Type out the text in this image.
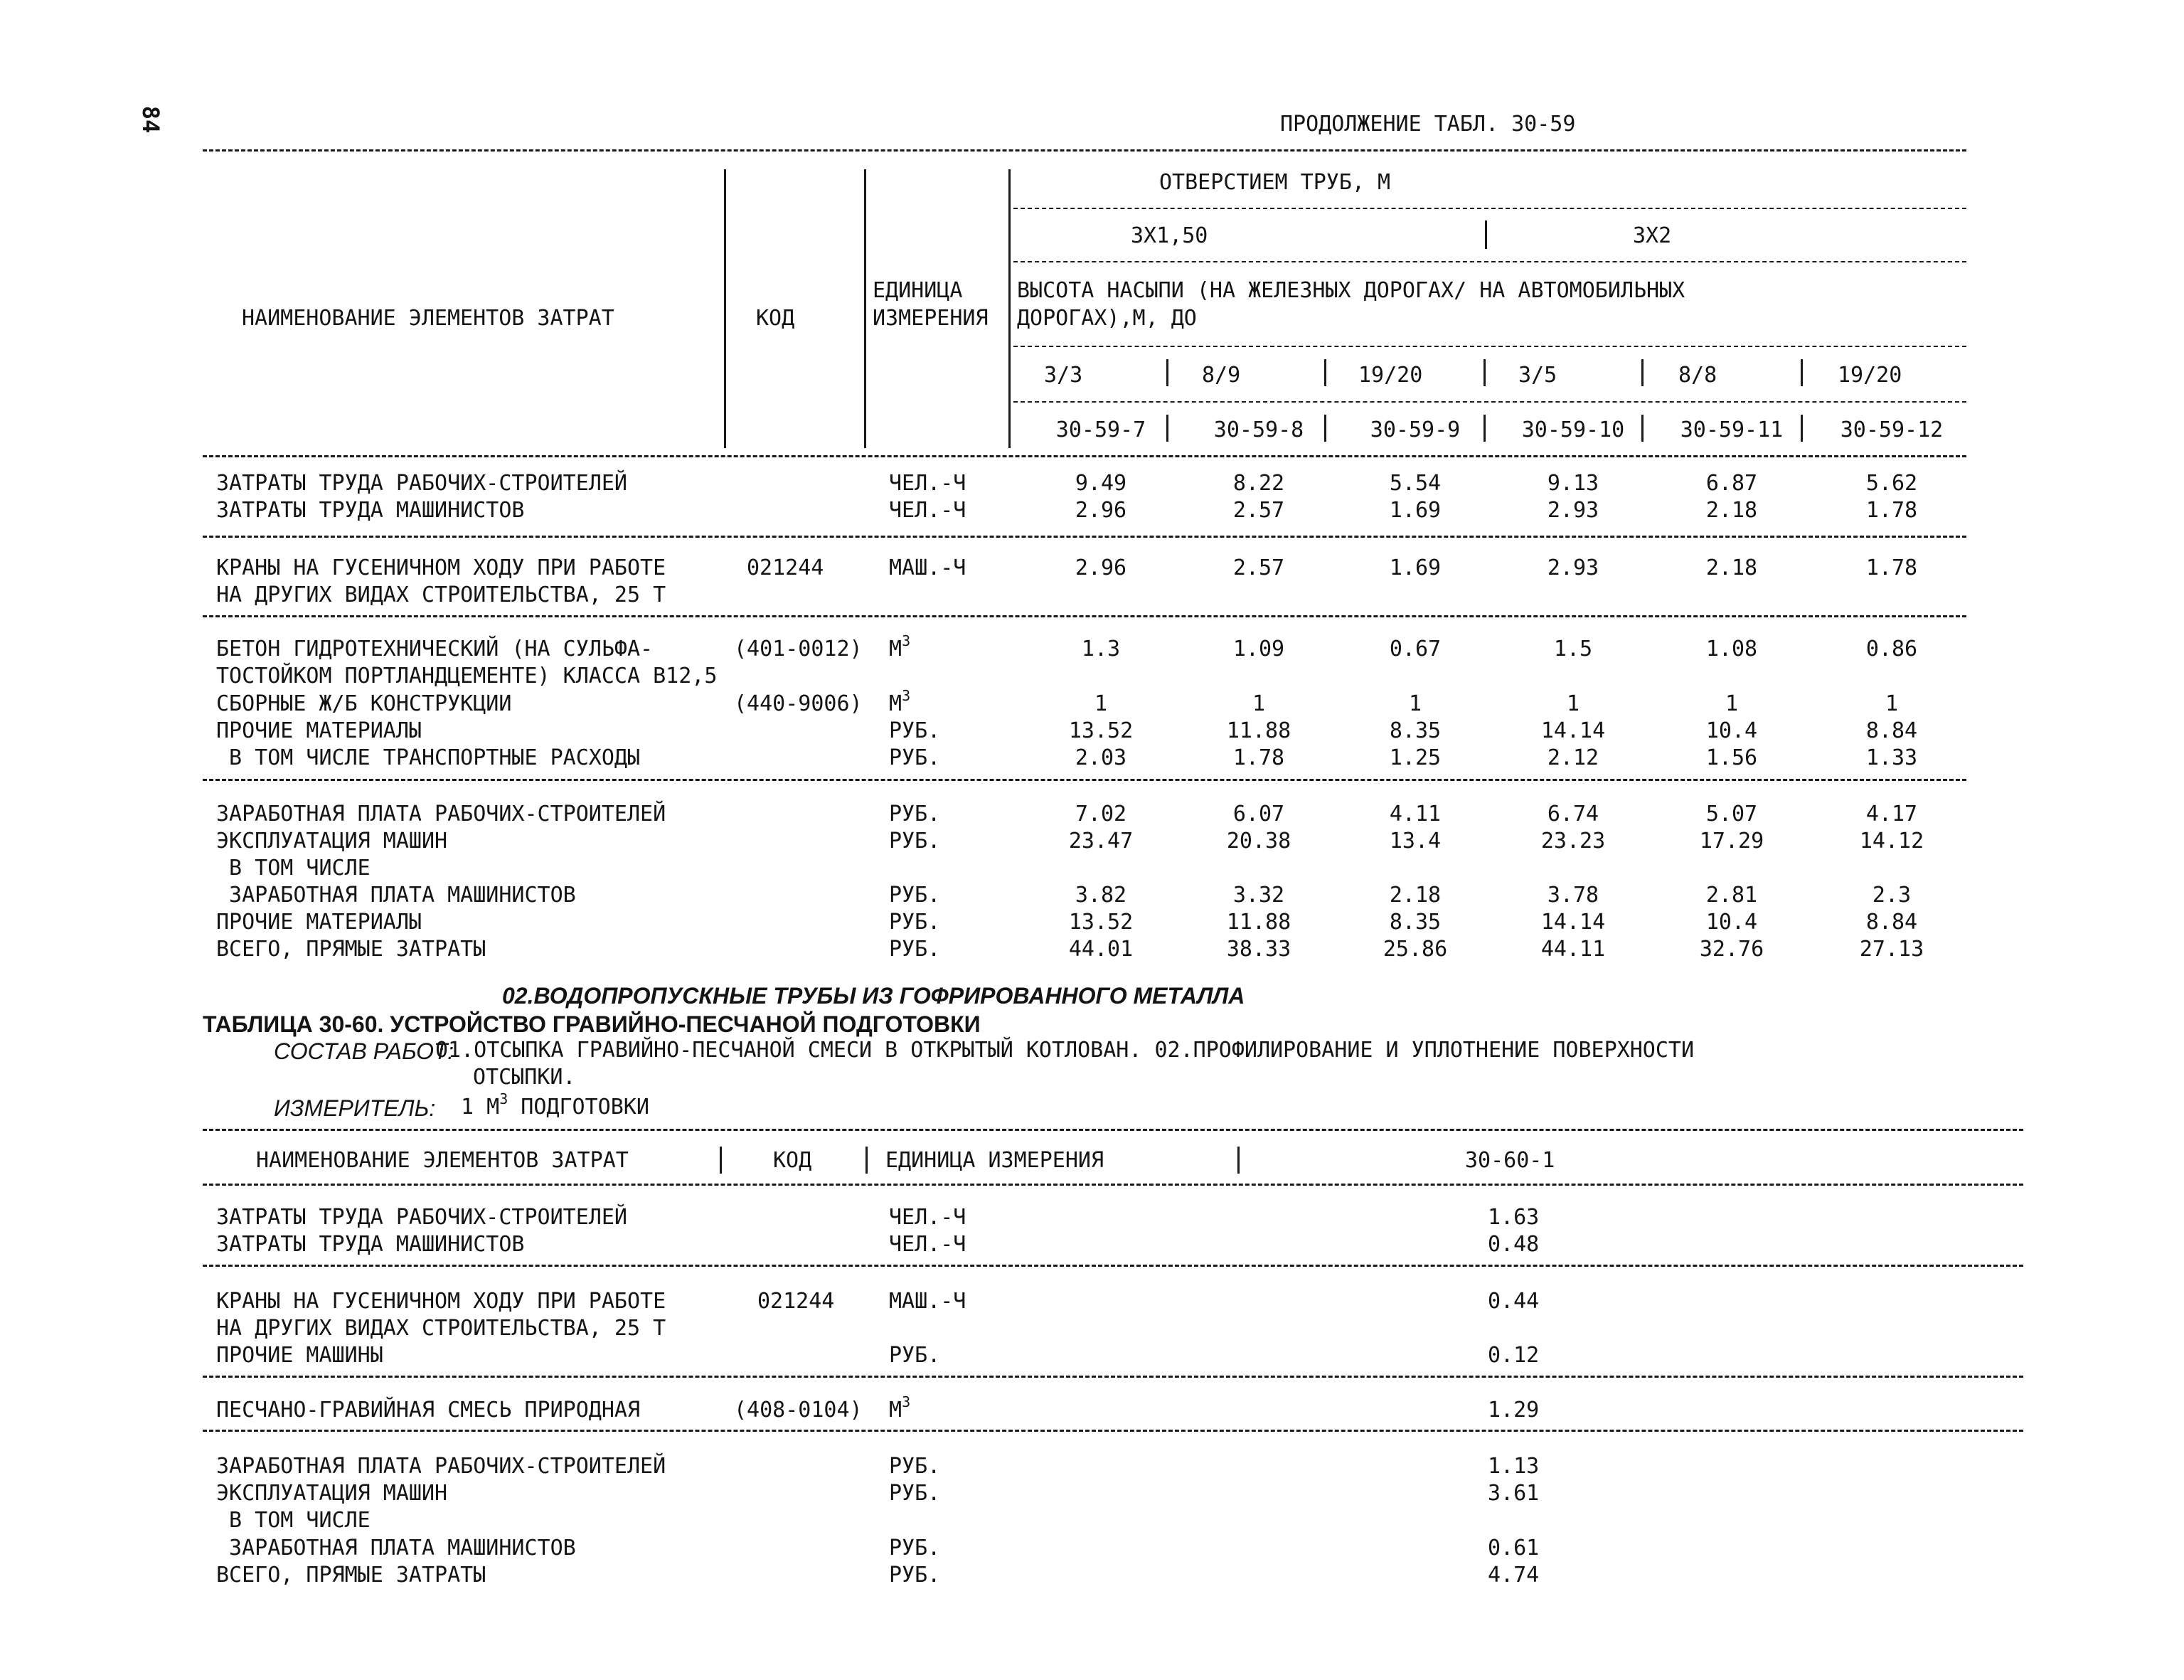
84	ПРОДОЛЖЕНИЕ ТАБЛ. 30-59
НАИМЕНОВАНИЕ ЭЛЕМЕНТОВ ЗАТРАТ	КОД
ЕДИНИЦА
ИЗМЕРЕНИЯ
ОТВЕРСТИЕМ ТРУБ, М
3Х1,50	3Х2
ВЫСОТА НАСЫПИ (НА ЖЕЛЕЗНЫХ ДОРОГАХ/ НА АВТОМОБИЛЬНЫХ
ДОРОГАХ),М, ДО
3/3	8/9	19/20	3/5	8/8	19/20
30-59-7	30-59-8	30-59-9	30-59-10	30-59-11	30-59-12
ЗАТРАТЫ ТРУДА РАБОЧИХ-СТРОИТЕЛЕЙ	ЧЕЛ.-Ч	9.49	8.22	5.54	9.13	6.87	5.62
ЗАТРАТЫ ТРУДА МАШИНИСТОВ	ЧЕЛ.-Ч	2.96	2.57	1.69	2.93	2.18	1.78
КРАНЫ НА ГУСЕНИЧНОМ ХОДУ ПРИ РАБОТЕ	021244	МАШ.-Ч	2.96	2.57	1.69	2.93	2.18	1.78
НА ДРУГИХ ВИДАХ СТРОИТЕЛЬСТВА, 25 Т
БЕТОН ГИДРОТЕХНИЧЕСКИЙ (НА СУЛЬФА-	(401-0012) $М^3$	1.3	1.09	0.67	1.5	1.08	0.86
ТОСТОЙКОМ ПОРТЛАНДЦЕМЕНТЕ) КЛАССА В12,5
СБОРНЫЕ Ж/Б КОНСТРУКЦИИ	(440-9006) $М^3$	1	1	1	1	1	1
ПРОЧИЕ МАТЕРИАЛЫ	РУБ.	13.52	11.88	8.35	14.14	10.4	8.84
В ТОМ ЧИСЛЕ ТРАНСПОРТНЫЕ РАСХОДЫ	РУБ.	2.03	1.78	1.25	2.12	1.56	1.33
ЗАРАБОТНАЯ ПЛАТА РАБОЧИХ-СТРОИТЕЛЕЙ	РУБ.	7.02	6.07	4.11	6.74	5.07	4.17
ЭКСПЛУАТАЦИЯ МАШИН	РУБ.	23.47	20.38	13.4	23.23	17.29	14.12
В ТОМ ЧИСЛЕ
ЗАРАБОТНАЯ ПЛАТА МАШИНИСТОВ	РУБ.	3.82	3.32	2.18	3.78	2.81	2.3
ПРОЧИЕ МАТЕРИАЛЫ	РУБ.	13.52	11.88	8.35	14.14	10.4	8.84
ВСЕГО, ПРЯМЫЕ ЗАТРАТЫ	РУБ.	44.01	38.33	25.86	44.11	32.76	27.13
02.ВОДОПРОПУСКНЫЕ ТРУБЫ ИЗ ГОФРИРОВАННОГО МЕТАЛЛА
ТАБЛИЦА 30-60. УСТРОЙСТВО ГРАВИЙНО-ПЕСЧАНОЙ ПОДГОТОВКИ
СОСТАВ РАБОТ:
01.ОТСЫПКА ГРАВИЙНО-ПЕСЧАНОЙ СМЕСИ В ОТКРЫТЫЙ КОТЛОВАН. 02.ПРОФИЛИРОВАНИЕ И УПЛОТНЕНИЕ ПОВЕРХНОСТИ
ОТСЫПКИ.
ИЗМЕРИТЕЛЬ: 1 $М^3$ ПОДГОТОВКИ
НАИМЕНОВАНИЕ ЭЛЕМЕНТОВ ЗАТРАТ	КОД	ЕДИНИЦА ИЗМЕРЕНИЯ	30-60-1
ЗАТРАТЫ ТРУДА РАБОЧИХ-СТРОИТЕЛЕЙ	ЧЕЛ.-Ч	1.63
ЗАТРАТЫ ТРУДА МАШИНИСТОВ	ЧЕЛ.-Ч	0.48
КРАНЫ НА ГУСЕНИЧНОМ ХОДУ ПРИ РАБОТЕ	021244	МАШ.-Ч	0.44
НА ДРУГИХ ВИДАХ СТРОИТЕЛЬСТВА, 25 Т
ПРОЧИЕ МАШИНЫ	РУБ.	0.12
ПЕСЧАНО-ГРАВИЙНАЯ СМЕСЬ ПРИРОДНАЯ	(408-0104) $М^3$	1.29
ЗАРАБОТНАЯ ПЛАТА РАБОЧИХ-СТРОИТЕЛЕЙ	РУБ.	1.13
ЭКСПЛУАТАЦИЯ МАШИН	РУБ.	3.61
В ТОМ ЧИСЛЕ
ЗАРАБОТНАЯ ПЛАТА МАШИНИСТОВ	РУБ.	0.61
ВСЕГО, ПРЯМЫЕ ЗАТРАТЫ	РУБ.	4.74
